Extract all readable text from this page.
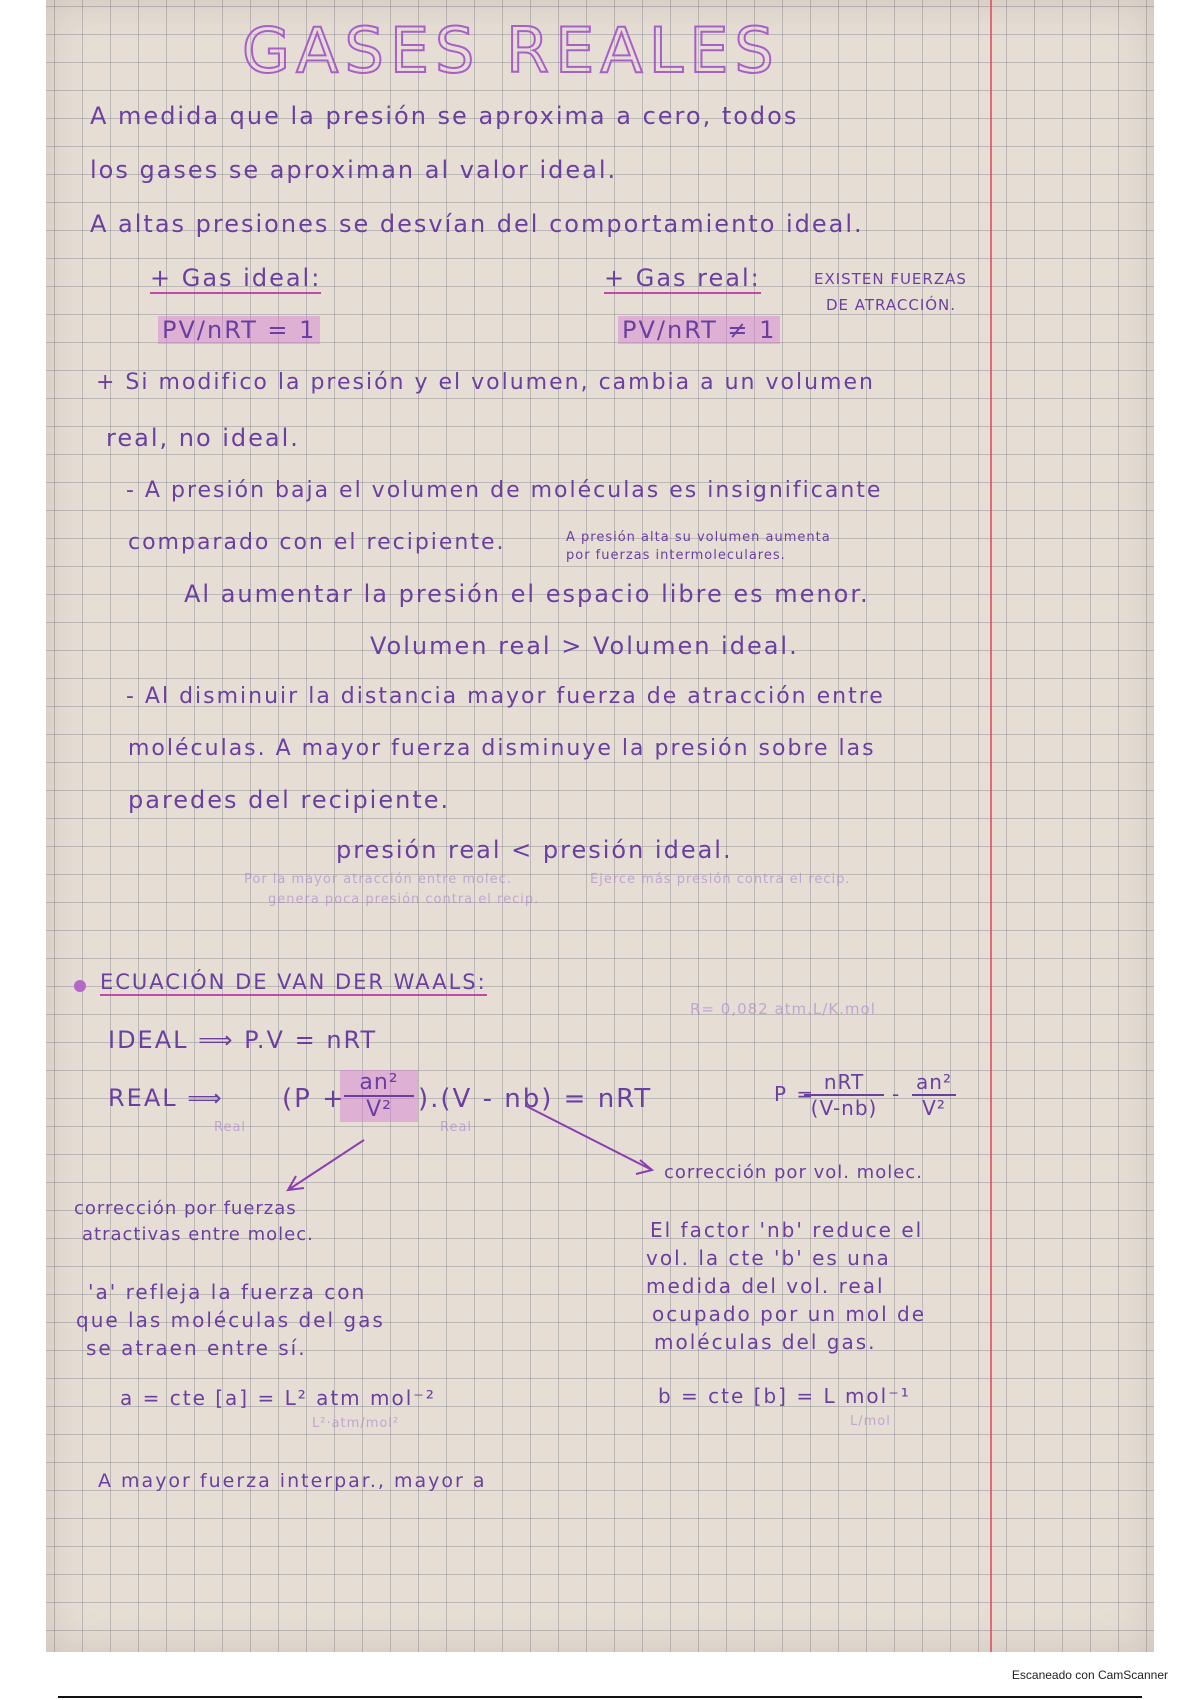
GASES REALES
A medida que la presión se aproxima a cero, todos
los gases se aproximan al valor ideal.
A altas presiones se desvían del comportamiento ideal.
+ Gas ideal:
PV/nRT = 1
+ Gas real:	EXISTEN FUERZAS
DE ATRACCIÓN.
PV/nRT ≠ 1
+ Si modifico la presión y el volumen, cambia a un volumen
real, no ideal.
- A presión baja el volumen de moléculas es insignificante
comparado con el recipiente.	A presión alta su volumen aumenta
por fuerzas intermoleculares.
Al aumentar la presión el espacio libre es menor.
Volumen real > Volumen ideal.
- Al disminuir la distancia mayor fuerza de atracción entre
moléculas. A mayor fuerza disminuye la presión sobre las
paredes del recipiente.
presión real < presión ideal.
Por la mayor atracción entre molec.
genera poca presión contra el recip.
Ejerce más presión contra el recip.
ECUACIÓN DE VAN DER WAALS:
R= 0,082 atm.L/K.mol
IDEAL ⟹ P.V = nRT
REAL ⟹ (P +
$\frac{\text{an²}}{\text{V²}} ).(V - nb)$ = nRT
Real	Real
P = nRT
(V-nb)
- $\frac{\text{an²}}{\text{V²}}$
corrección por fuerzas
atractivas entre molec.
'a' refleja la fuerza con
que las moléculas del gas
se atraen entre sí.
a = cte [a] = L² atm mol⁻²
L²·atm/mol²
A mayor fuerza interpar., mayor a
corrección por vol. molec.
El factor 'nb' reduce el
vol. la cte 'b' es una
medida del vol. real
ocupado por un mol de
moléculas del gas.
b = cte [b] = L mol⁻¹
L/mol
Escaneado con CamScanner
